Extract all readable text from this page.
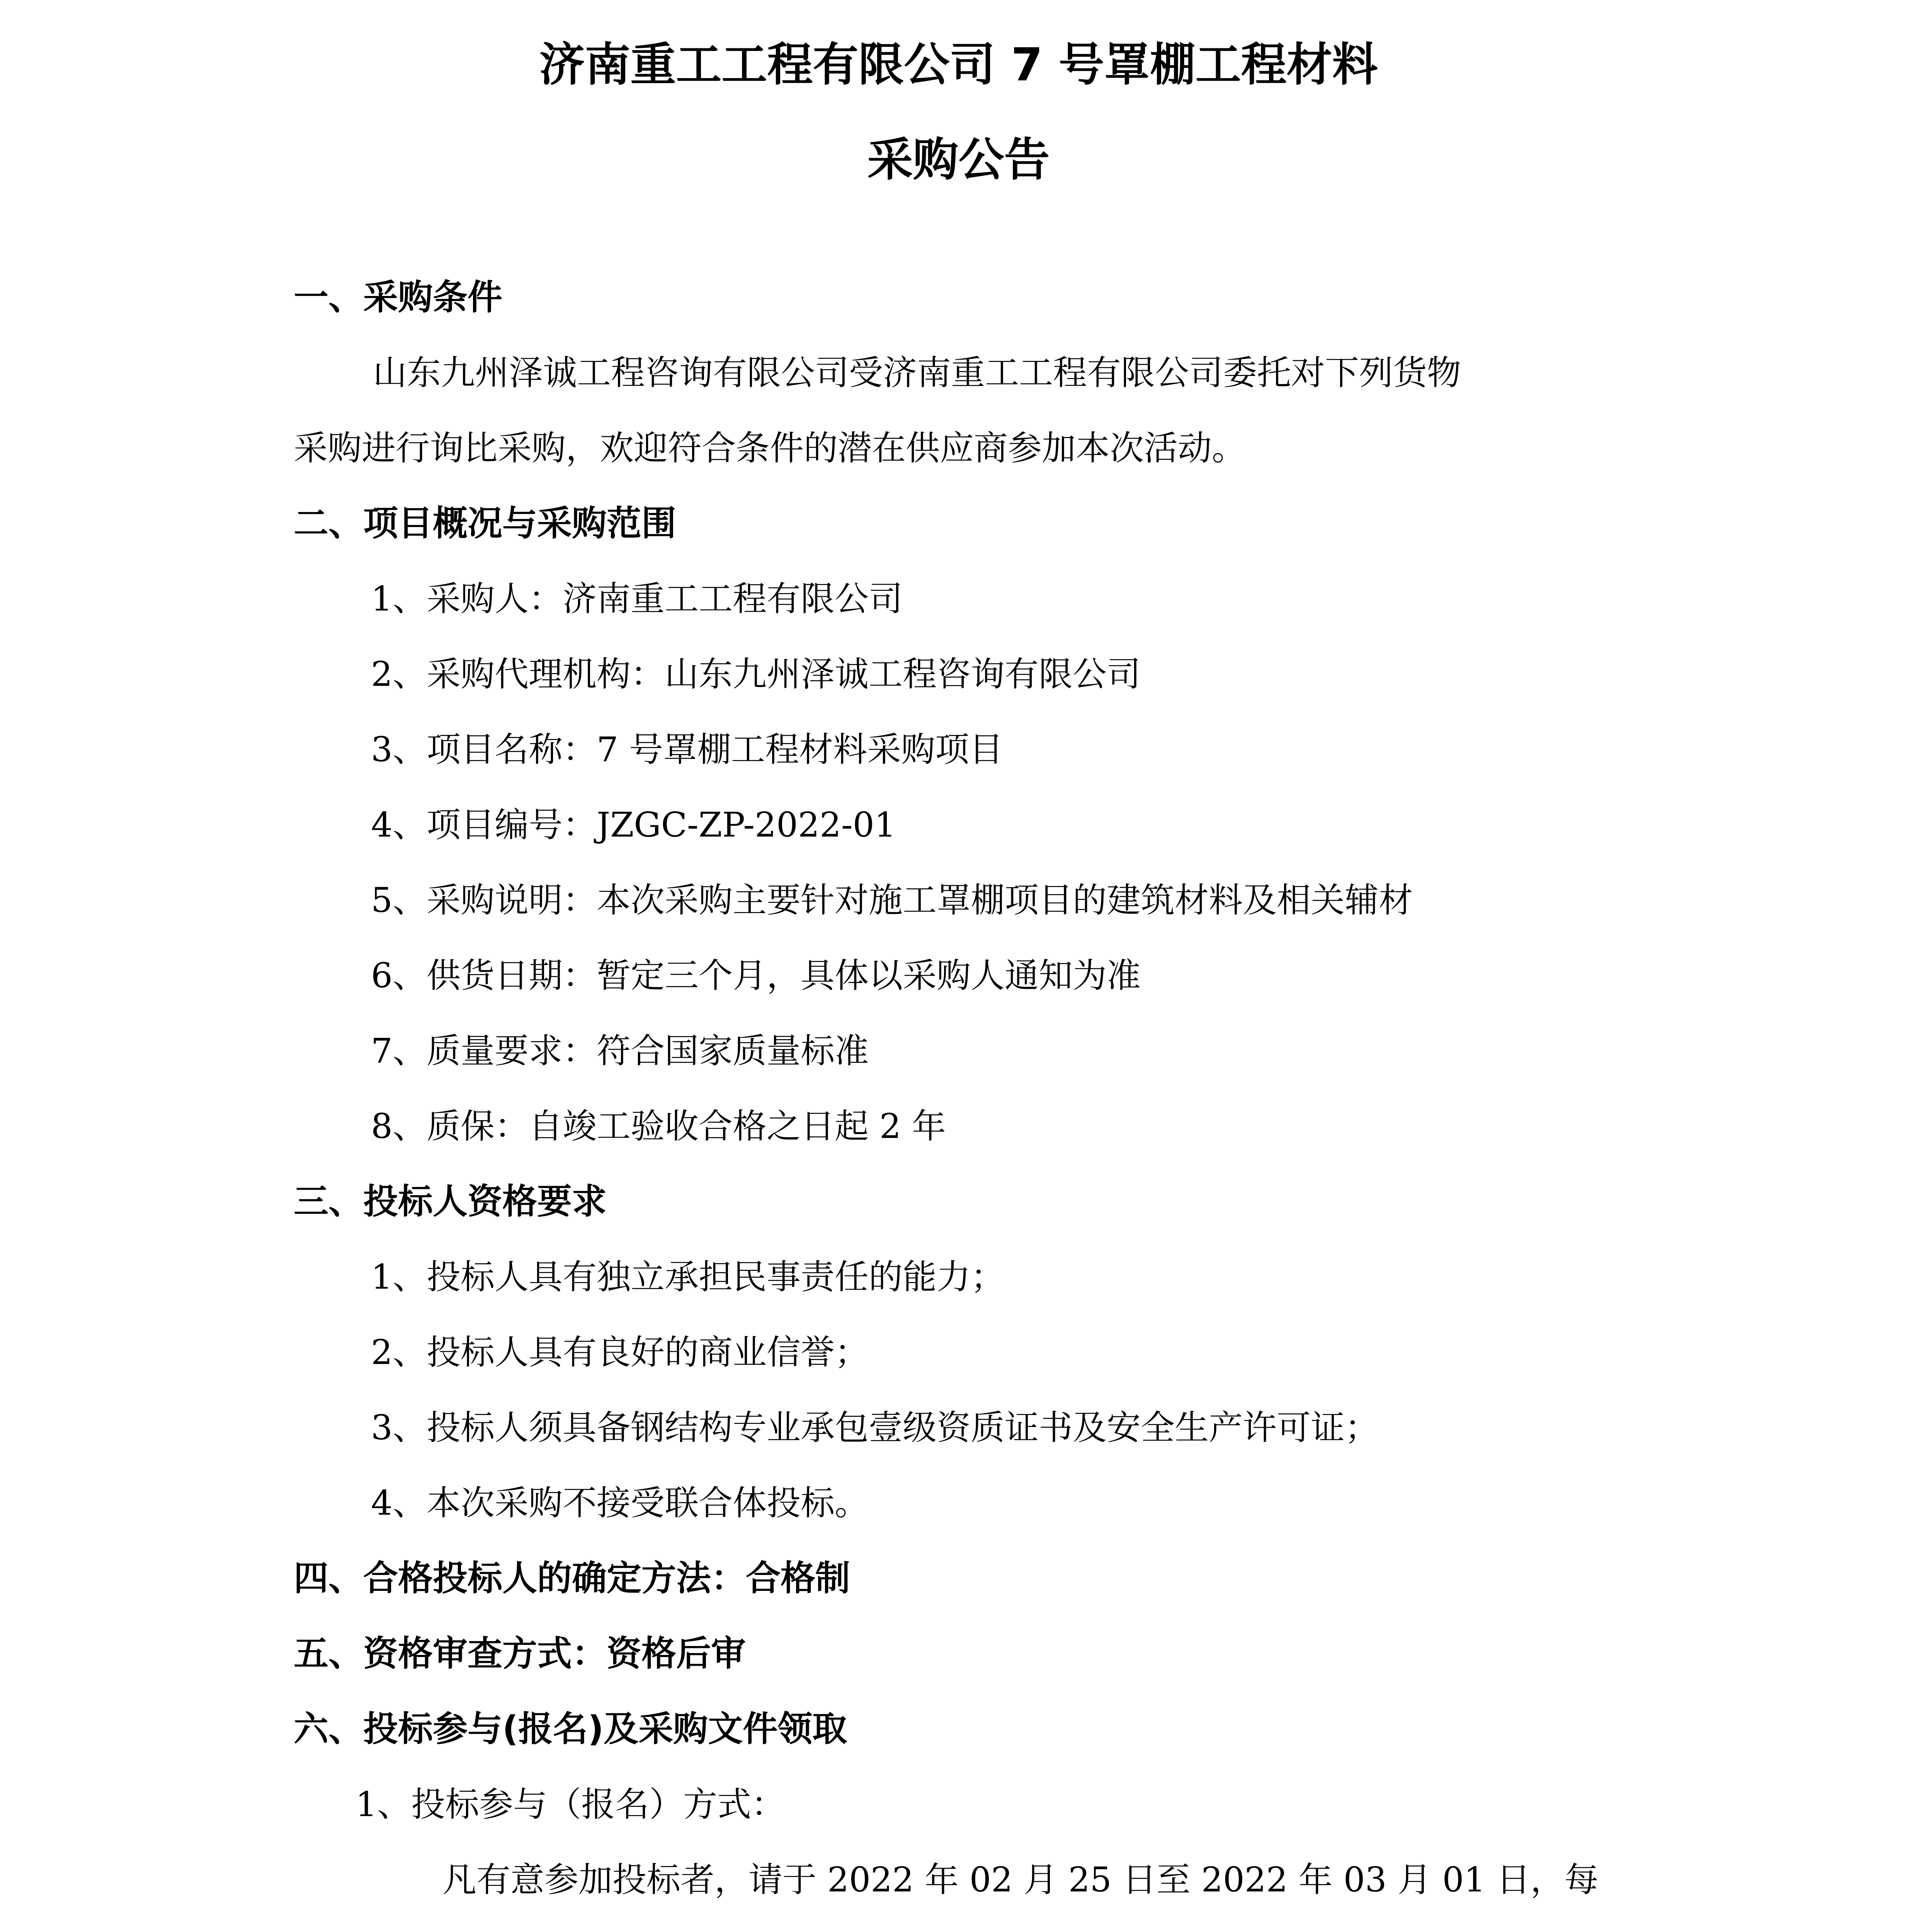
济南重工工程有限公司 7 号罩棚工程材料
采购公告
一、采购条件
山东九州泽诚工程咨询有限公司受济南重工工程有限公司委托对下列货物
采购进行询比采购，欢迎符合条件的潜在供应商参加本次活动。
二、项目概况与采购范围
1、采购人：济南重工工程有限公司
2、采购代理机构：山东九州泽诚工程咨询有限公司
3、项目名称：7 号罩棚工程材料采购项目
4、项目编号：JZGC-ZP-2022-01
5、采购说明：本次采购主要针对施工罩棚项目的建筑材料及相关辅材
6、供货日期：暂定三个月，具体以采购人通知为准
7、质量要求：符合国家质量标准
8、质保：自竣工验收合格之日起 2 年
三、投标人资格要求
1、投标人具有独立承担民事责任的能力；
2、投标人具有良好的商业信誉；
3、投标人须具备钢结构专业承包壹级资质证书及安全生产许可证；
4、本次采购不接受联合体投标。
四、合格投标人的确定方法：合格制
五、资格审查方式：资格后审
六、投标参与(报名)及采购文件领取
1、投标参与（报名）方式：
凡有意参加投标者，请于 2022 年 02 月 25 日至 2022 年 03 月 01 日，每
